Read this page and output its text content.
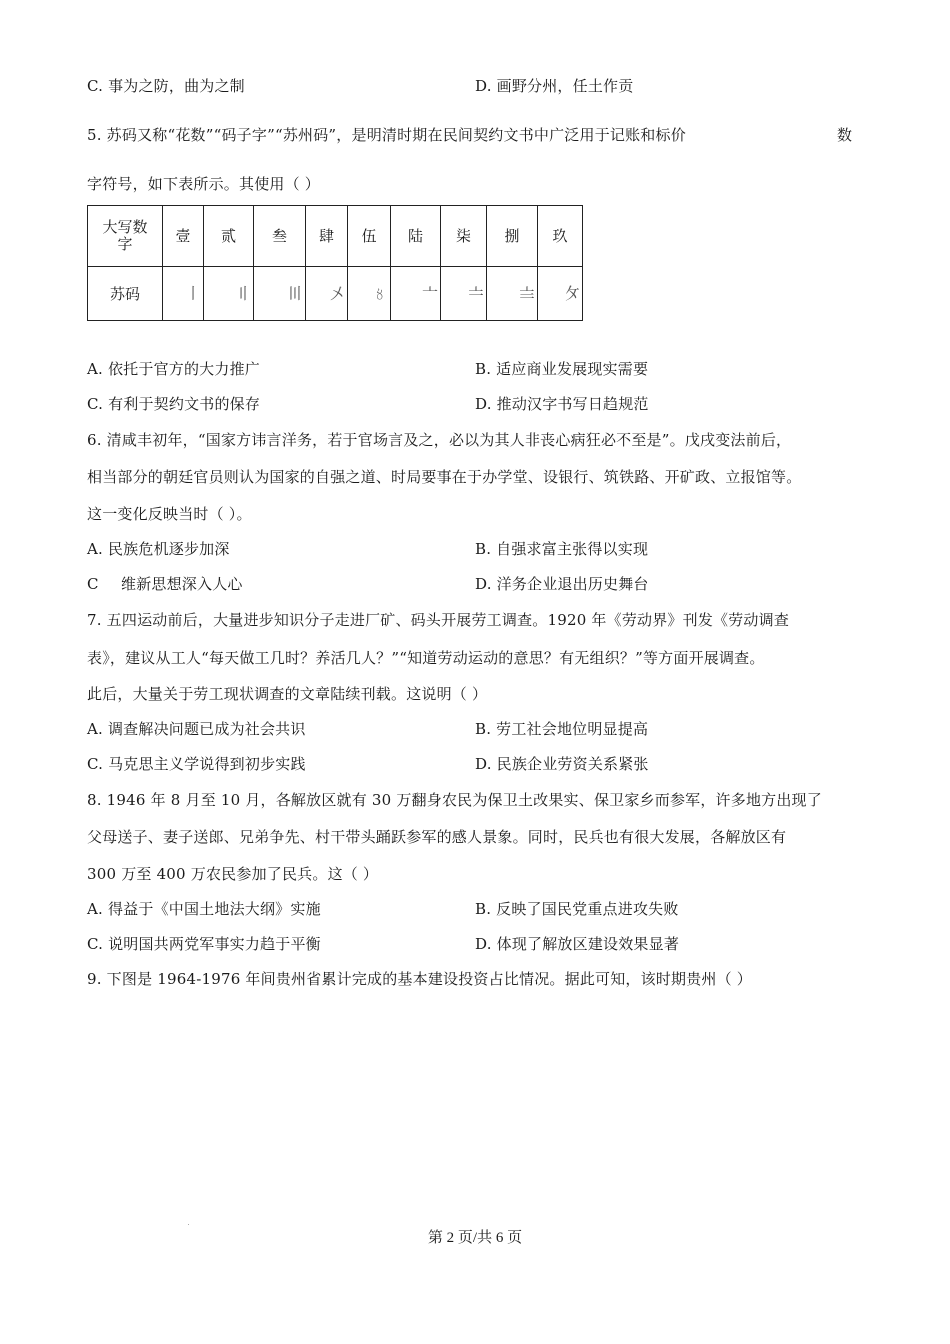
C. 事为之防，曲为之制	D. 画野分州，任土作贡
5. 苏码又称“花数”“码子字”“苏州码”，是明清时期在民间契约文书中广泛用于记账和标价	数
字符号，如下表所示。其使用（ ）
大写数字	壹	贰	叁	肆	伍	陆	柒	捌	玖
苏码	〡	〢	〣	〤	〥	〦	〧	〨	〩
A. 依托于官方的大力推广	B. 适应商业发展现实需要
C. 有利于契约文书的保存	D. 推动汉字书写日趋规范
6. 清咸丰初年，“国家方讳言洋务，若于官场言及之，必以为其人非丧心病狂必不至是”。戊戌变法前后，
相当部分的朝廷官员则认为国家的自强之道、时局要事在于办学堂、设银行、筑铁路、开矿政、立报馆等。
这一变化反映当时（ ）。
A. 民族危机逐步加深	B. 自强求富主张得以实现
C 维新思想深入人心	D. 洋务企业退出历史舞台
7. 五四运动前后，大量进步知识分子走进厂矿、码头开展劳工调查。1920 年《劳动界》刊发《劳动调查
表》，建议从工人“每天做工几时？养活几人？”“知道劳动运动的意思？有无组织？”等方面开展调查。
此后，大量关于劳工现状调查的文章陆续刊载。这说明（ ）
A. 调查解决问题已成为社会共识	B. 劳工社会地位明显提高
C. 马克思主义学说得到初步实践	D. 民族企业劳资关系紧张
8. 1946 年 8 月至 10 月，各解放区就有 30 万翻身农民为保卫土改果实、保卫家乡而参军，许多地方出现了
父母送子、妻子送郎、兄弟争先、村干带头踊跃参军的感人景象。同时，民兵也有很大发展，各解放区有
300 万至 400 万农民参加了民兵。这（ ）
A. 得益于《中国土地法大纲》实施	B. 反映了国民党重点进攻失败
C. 说明国共两党军事实力趋于平衡	D. 体现了解放区建设效果显著
9. 下图是 1964-1976 年间贵州省累计完成的基本建设投资占比情况。据此可知，该时期贵州（ ）
第 2 页/共 6 页
